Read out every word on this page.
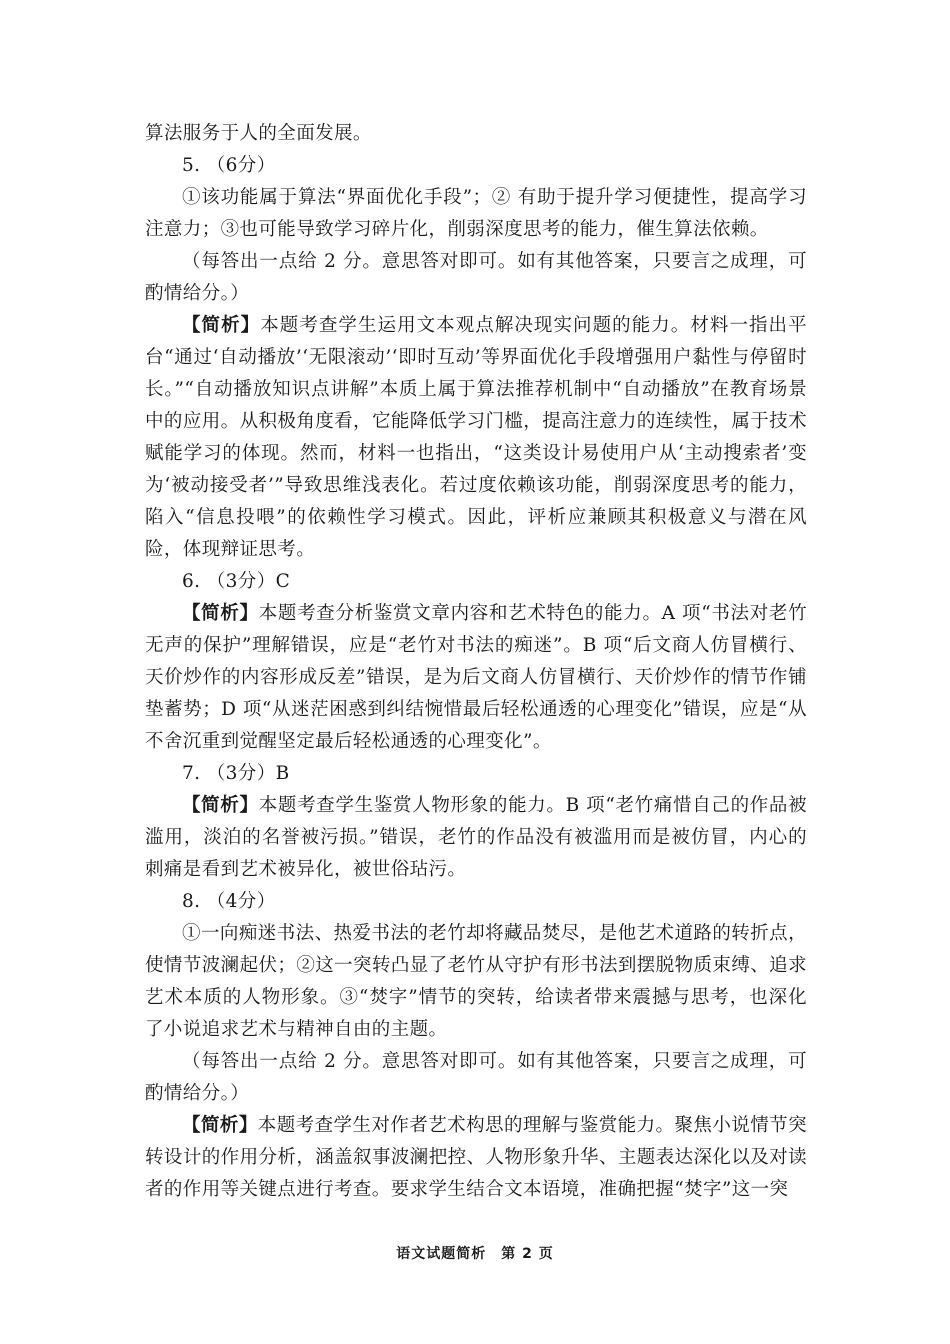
算法服务于人的全面发展。

5. （6分）

①该功能属于算法“界面优化手段”；② 有助于提升学习便捷性，提高学习注意力；③也可能导致学习碎片化，削弱深度思考的能力，催生算法依赖。

（每答出一点给 2 分。意思答对即可。如有其他答案，只要言之成理，可酌情给分。）

【简析】本题考查学生运用文本观点解决现实问题的能力。材料一指出平台“通过‘自动播放’‘无限滚动’‘即时互动’等界面优化手段增强用户黏性与停留时长。”“自动播放知识点讲解”本质上属于算法推荐机制中“自动播放”在教育场景中的应用。从积极角度看，它能降低学习门槛，提高注意力的连续性，属于技术赋能学习的体现。然而，材料一也指出，“这类设计易使用户从‘主动搜索者’变为‘被动接受者’”导致思维浅表化。若过度依赖该功能，削弱深度思考的能力，陷入“信息投喂”的依赖性学习模式。因此，评析应兼顾其积极意义与潜在风险，体现辩证思考。

6. （3分）C

【简析】本题考查分析鉴赏文章内容和艺术特色的能力。A 项“书法对老竹无声的保护”理解错误，应是“老竹对书法的痴迷”。B 项“后文商人仿冒横行、天价炒作的内容形成反差”错误，是为后文商人仿冒横行、天价炒作的情节作铺垫蓄势；D 项“从迷茫困惑到纠结惋惜最后轻松通透的心理变化”错误，应是“从不舍沉重到觉醒坚定最后轻松通透的心理变化”。

7. （3分）B

【简析】本题考查学生鉴赏人物形象的能力。B 项“老竹痛惜自己的作品被滥用，淡泊的名誉被污损。”错误，老竹的作品没有被滥用而是被仿冒，内心的刺痛是看到艺术被异化，被世俗玷污。

8. （4分）

①一向痴迷书法、热爱书法的老竹却将藏品焚尽，是他艺术道路的转折点，使情节波澜起伏；②这一突转凸显了老竹从守护有形书法到摆脱物质束缚、追求艺术本质的人物形象。③“焚字”情节的突转，给读者带来震撼与思考，也深化了小说追求艺术与精神自由的主题。

（每答出一点给 2 分。意思答对即可。如有其他答案，只要言之成理，可酌情给分。）

【简析】本题考查学生对作者艺术构思的理解与鉴赏能力。聚焦小说情节突转设计的作用分析，涵盖叙事波澜把控、人物形象升华、主题表达深化以及对读者的作用等关键点进行考查。要求学生结合文本语境，准确把握“焚字”这一突

语文试题简析　第 2 页
